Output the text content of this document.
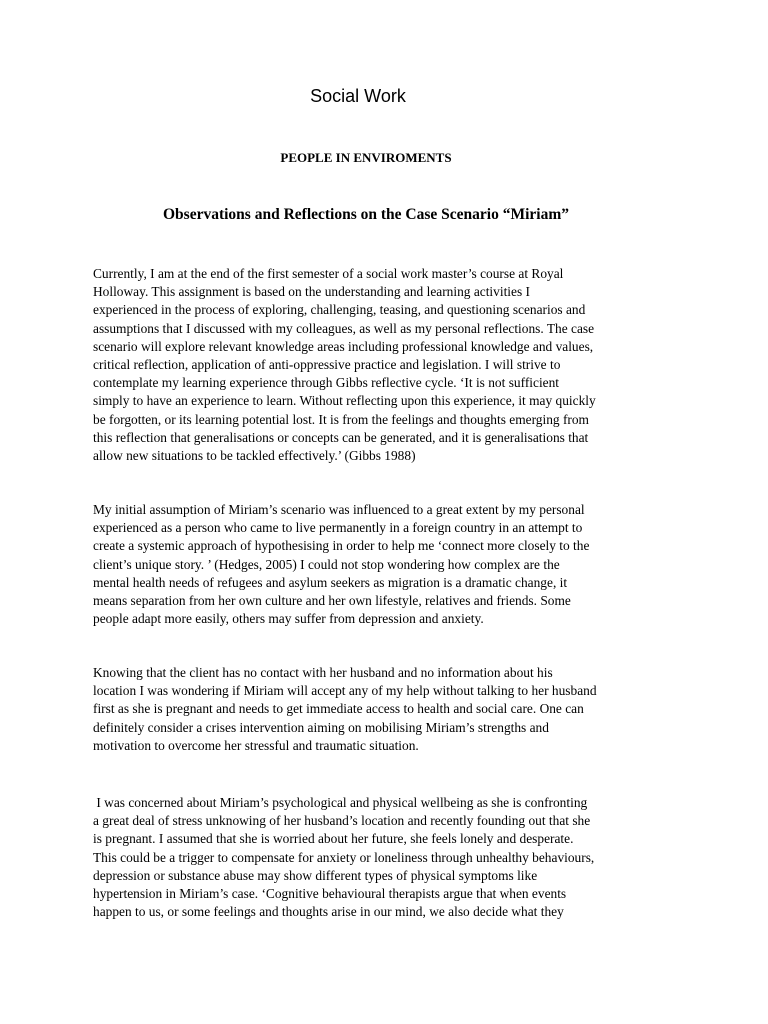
Social Work
PEOPLE IN ENVIROMENTS
Observations and Reflections on the Case Scenario “Miriam”

Currently, I am at the end of the first semester of a social work master’s course at Royal
Holloway. This assignment is based on the understanding and learning activities I
experienced in the process of exploring, challenging, teasing, and questioning scenarios and
assumptions that I discussed with my colleagues, as well as my personal reflections. The case
scenario will explore relevant knowledge areas including professional knowledge and values,
critical reflection, application of anti-oppressive practice and legislation. I will strive to
contemplate my learning experience through Gibbs reflective cycle. ‘It is not sufficient
simply to have an experience to learn. Without reflecting upon this experience, it may quickly
be forgotten, or its learning potential lost. It is from the feelings and thoughts emerging from
this reflection that generalisations or concepts can be generated, and it is generalisations that
allow new situations to be tackled effectively.’ (Gibbs 1988)

My initial assumption of Miriam’s scenario was influenced to a great extent by my personal
experienced as a person who came to live permanently in a foreign country in an attempt to
create a systemic approach of hypothesising in order to help me ‘connect more closely to the
client’s unique story. ’ (Hedges, 2005) I could not stop wondering how complex are the
mental health needs of refugees and asylum seekers as migration is a dramatic change, it
means separation from her own culture and her own lifestyle, relatives and friends. Some
people adapt more easily, others may suffer from depression and anxiety.

Knowing that the client has no contact with her husband and no information about his
location I was wondering if Miriam will accept any of my help without talking to her husband
first as she is pregnant and needs to get immediate access to health and social care. One can
definitely consider a crises intervention aiming on mobilising Miriam’s strengths and
motivation to overcome her stressful and traumatic situation.

I was concerned about Miriam’s psychological and physical wellbeing as she is confronting
a great deal of stress unknowing of her husband’s location and recently founding out that she
is pregnant. I assumed that she is worried about her future, she feels lonely and desperate.
This could be a trigger to compensate for anxiety or loneliness through unhealthy behaviours,
depression or substance abuse may show different types of physical symptoms like
hypertension in Miriam’s case. ‘Cognitive behavioural therapists argue that when events
happen to us, or some feelings and thoughts arise in our mind, we also decide what they
